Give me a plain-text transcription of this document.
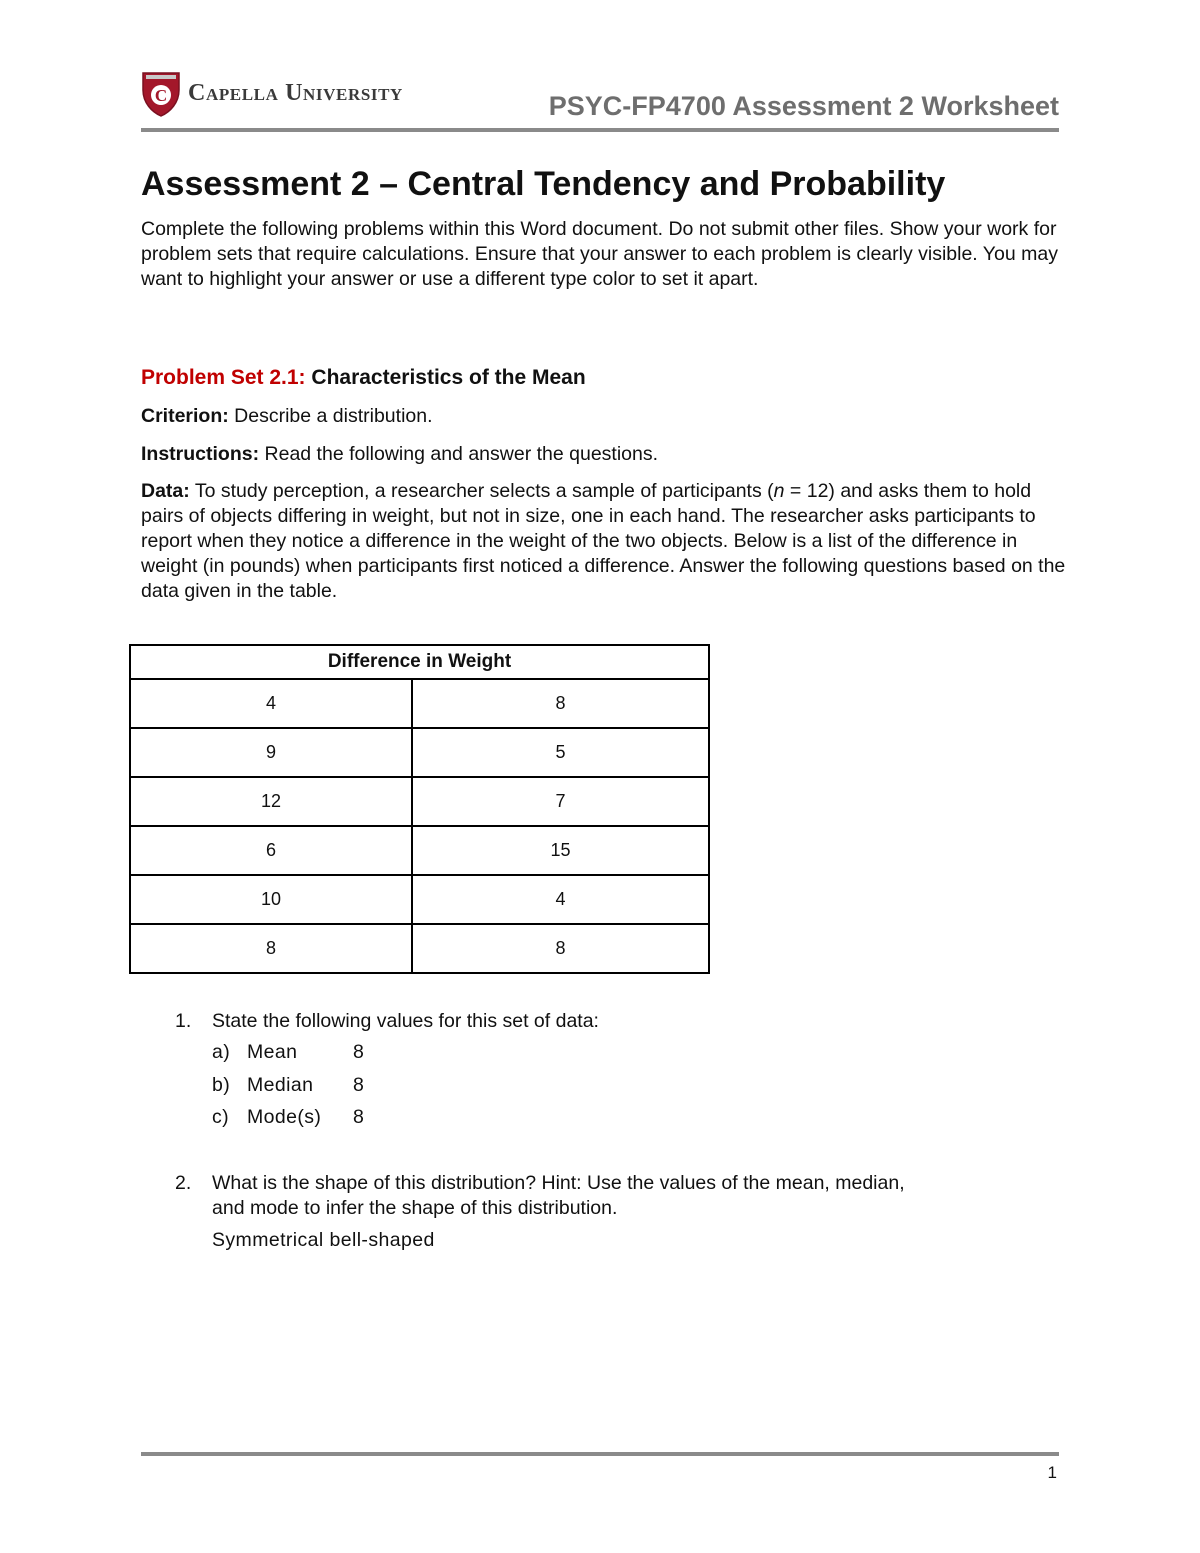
C CAPELLA UNIVERSITY	PSYC-FP4700 Assessment 2 Worksheet
Assessment 2 – Central Tendency and Probability
Complete the following problems within this Word document. Do not submit other files. Show your work for problem sets that require calculations. Ensure that your answer to each problem is clearly visible. You may want to highlight your answer or use a different type color to set it apart.
Problem Set 2.1: Characteristics of the Mean
Criterion: Describe a distribution.
Instructions: Read the following and answer the questions.
Data: To study perception, a researcher selects a sample of participants (n = 12) and asks them to hold pairs of objects differing in weight, but not in size, one in each hand. The researcher asks participants to report when they notice a difference in the weight of the two objects. Below is a list of the difference in weight (in pounds) when participants first noticed a difference. Answer the following questions based on the data given in the table.
Difference in Weight	
4	8
9	5
12	7
6	15
10	4
8	8
1. State the following values for this set of data:
a) Mean	8
b) Median 8
c) Mode(s) 8
2. What is the shape of this distribution? Hint: Use the values of the mean, median, and mode to infer the shape of this distribution.
Symmetrical bell-shaped
1
